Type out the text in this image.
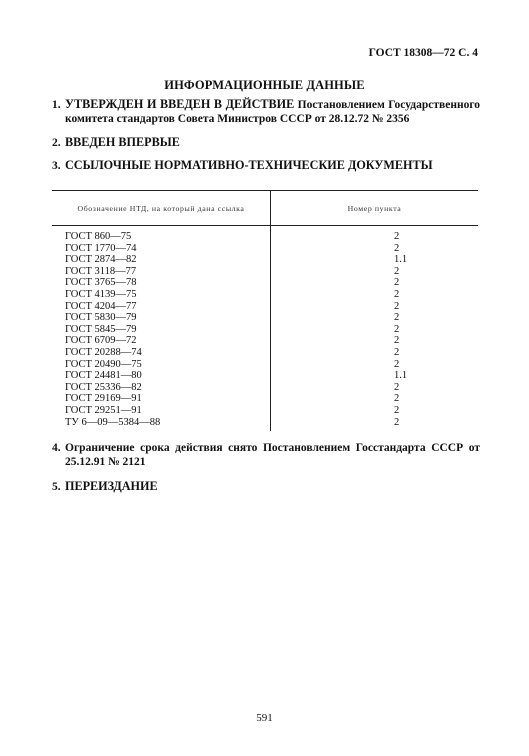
ГОСТ 18308—72 С. 4
ИНФОРМАЦИОННЫЕ ДАННЫЕ
1. УТВЕРЖДЕН И ВВЕДЕН В ДЕЙСТВИЕ Постановлением Государственного
комитета стандартов Совета Министров СССР от 28.12.72 № 2356
2. ВВЕДЕН ВПЕРВЫЕ
3. ССЫЛОЧНЫЕ НОРМАТИВНО-ТЕХНИЧЕСКИЕ ДОКУМЕНТЫ
Обозначение НТД, на который дана ссылка	Номер пункта
ГОСТ 860—75	2
ГОСТ 1770—74	2
ГОСТ 2874—82	1.1
ГОСТ 3118—77	2
ГОСТ 3765—78	2
ГОСТ 4139—75	2
ГОСТ 4204—77	2
ГОСТ 5830—79	2
ГОСТ 5845—79	2
ГОСТ 6709—72	2
ГОСТ 20288—74	2
ГОСТ 20490—75	2
ГОСТ 24481—80	1.1
ГОСТ 25336—82	2
ГОСТ 29169—91	2
ГОСТ 29251—91	2
ТУ 6—09—5384—88	2
4. Ограничение срока действия снято Постановлением Госстандарта СССР от
25.12.91 № 2121
5. ПЕРЕИЗДАНИЕ
591
